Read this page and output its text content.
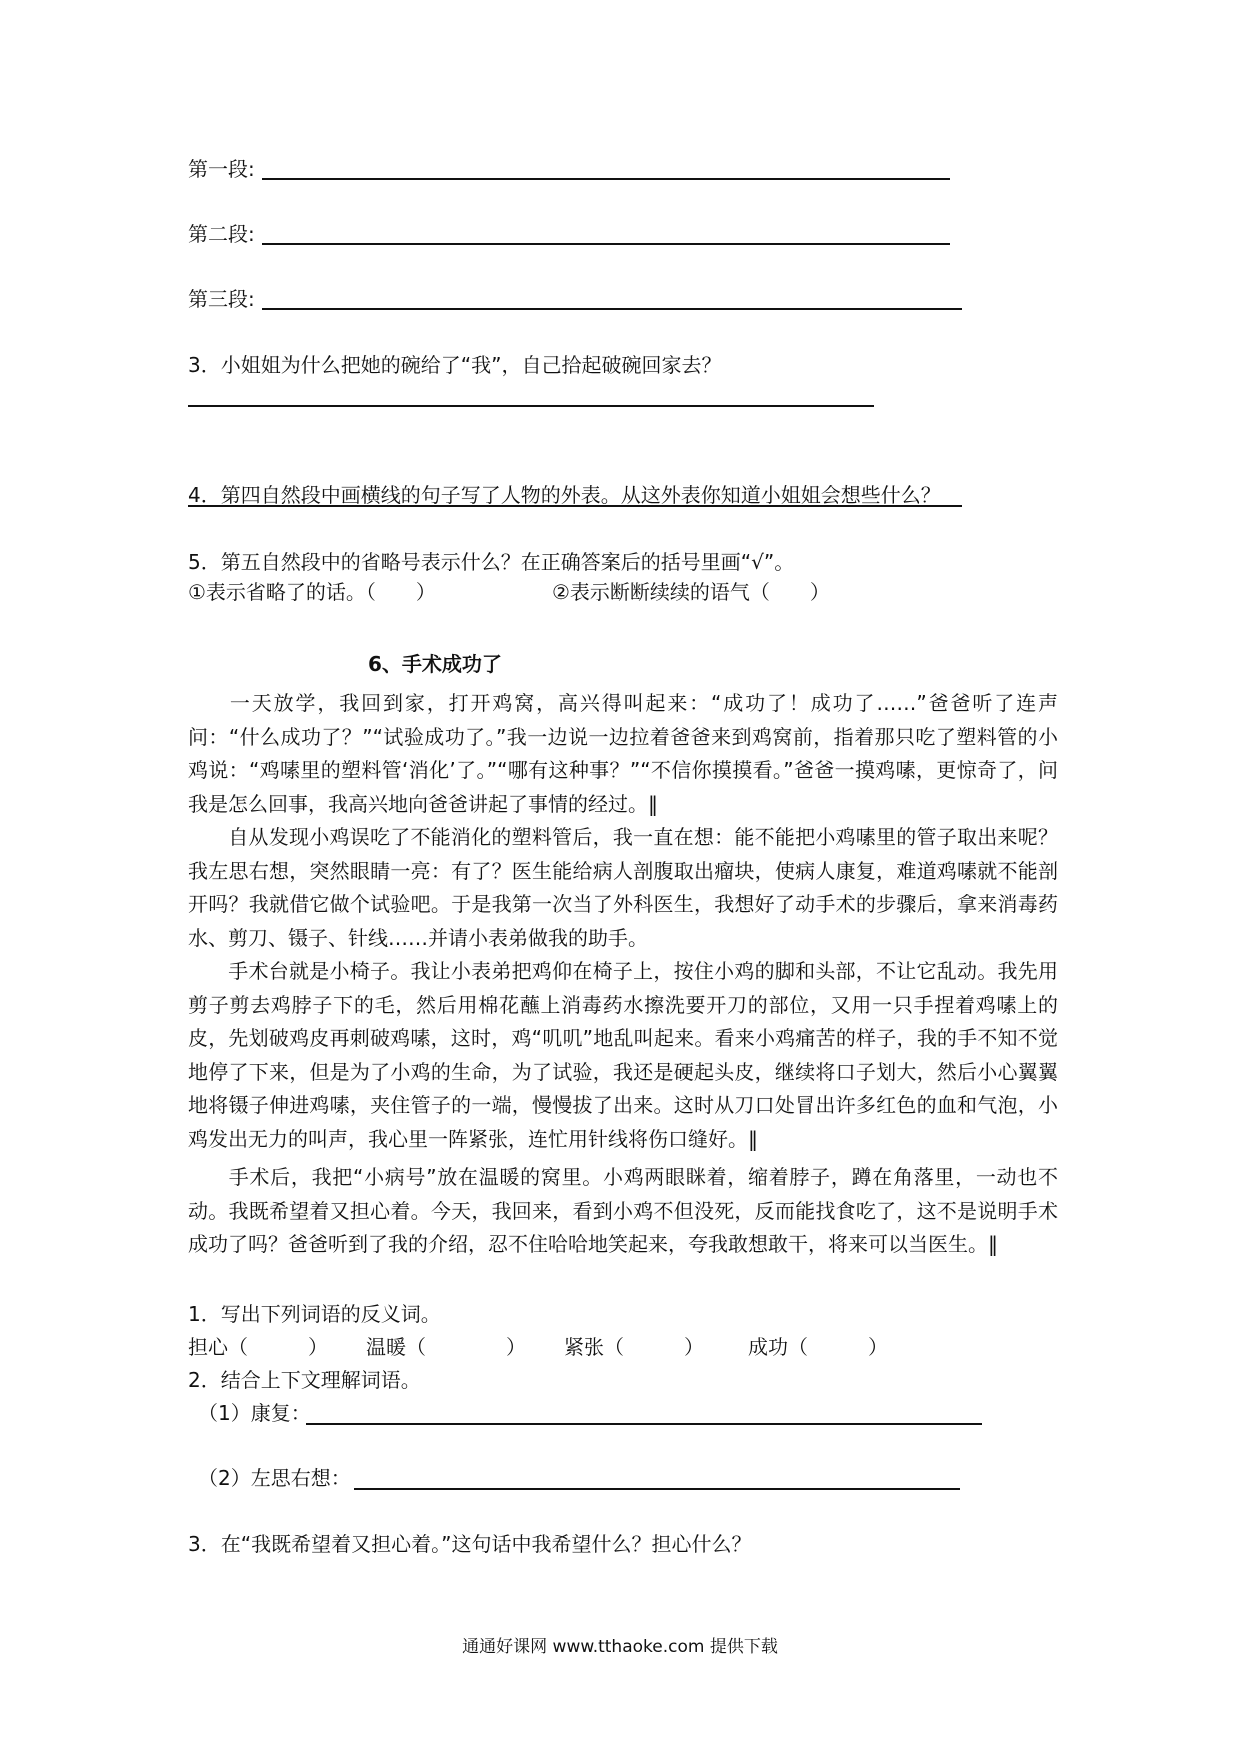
第一段:
第二段:
第三段:
3．小姐姐为什么把她的碗给了“我”，自己拾起破碗回家去？
4．第四自然段中画横线的句子写了人物的外表。从这外表你知道小姐姐会想些什么？
5．第五自然段中的省略号表示什么？在正确答案后的括号里画“√”。
①表示省略了的话。（　　）	②表示断断续续的语气（　　）
6、手术成功了
一天放学，我回到家，打开鸡窝，高兴得叫起来：“成功了！成功了……”爸爸听了连声问：“什么成功了？”“试验成功了。”我一边说一边拉着爸爸来到鸡窝前，指着那只吃了塑料管的小鸡说：“鸡嗉里的塑料管‘消化’了。”“哪有这种事？”“不信你摸摸看。”爸爸一摸鸡嗉，更惊奇了，问我是怎么回事，我高兴地向爸爸讲起了事情的经过。‖
自从发现小鸡误吃了不能消化的塑料管后，我一直在想：能不能把小鸡嗉里的管子取出来呢？我左思右想，突然眼睛一亮：有了？医生能给病人剖腹取出瘤块，使病人康复，难道鸡嗉就不能剖开吗？我就借它做个试验吧。于是我第一次当了外科医生，我想好了动手术的步骤后，拿来消毒药水、剪刀、镊子、针线……并请小表弟做我的助手。
手术台就是小椅子。我让小表弟把鸡仰在椅子上，按住小鸡的脚和头部，不让它乱动。我先用剪子剪去鸡脖子下的毛，然后用棉花蘸上消毒药水擦洗要开刀的部位，又用一只手捏着鸡嗉上的皮，先划破鸡皮再刺破鸡嗉，这时，鸡“叽叽”地乱叫起来。看来小鸡痛苦的样子，我的手不知不觉地停了下来，但是为了小鸡的生命，为了试验，我还是硬起头皮，继续将口子划大，然后小心翼翼地将镊子伸进鸡嗉，夹住管子的一端，慢慢拔了出来。这时从刀口处冒出许多红色的血和气泡，小鸡发出无力的叫声，我心里一阵紧张，连忙用针线将伤口缝好。‖
手术后，我把“小病号”放在温暖的窝里。小鸡两眼眯着，缩着脖子，蹲在角落里，一动也不动。我既希望着又担心着。今天，我回来，看到小鸡不但没死，反而能找食吃了，这不是说明手术成功了吗？爸爸听到了我的介绍，忍不住哈哈地笑起来，夸我敢想敢干，将来可以当医生。‖
1．写出下列词语的反义词。
担心（　　　） 温暖（　　　　） 紧张（　　　） 成功（　　　）
2．结合上下文理解词语。
（1）康复：
（2）左思右想：
3．在“我既希望着又担心着。”这句话中我希望什么？担心什么？
通通好课网 www.tthaoke.com 提供下载
